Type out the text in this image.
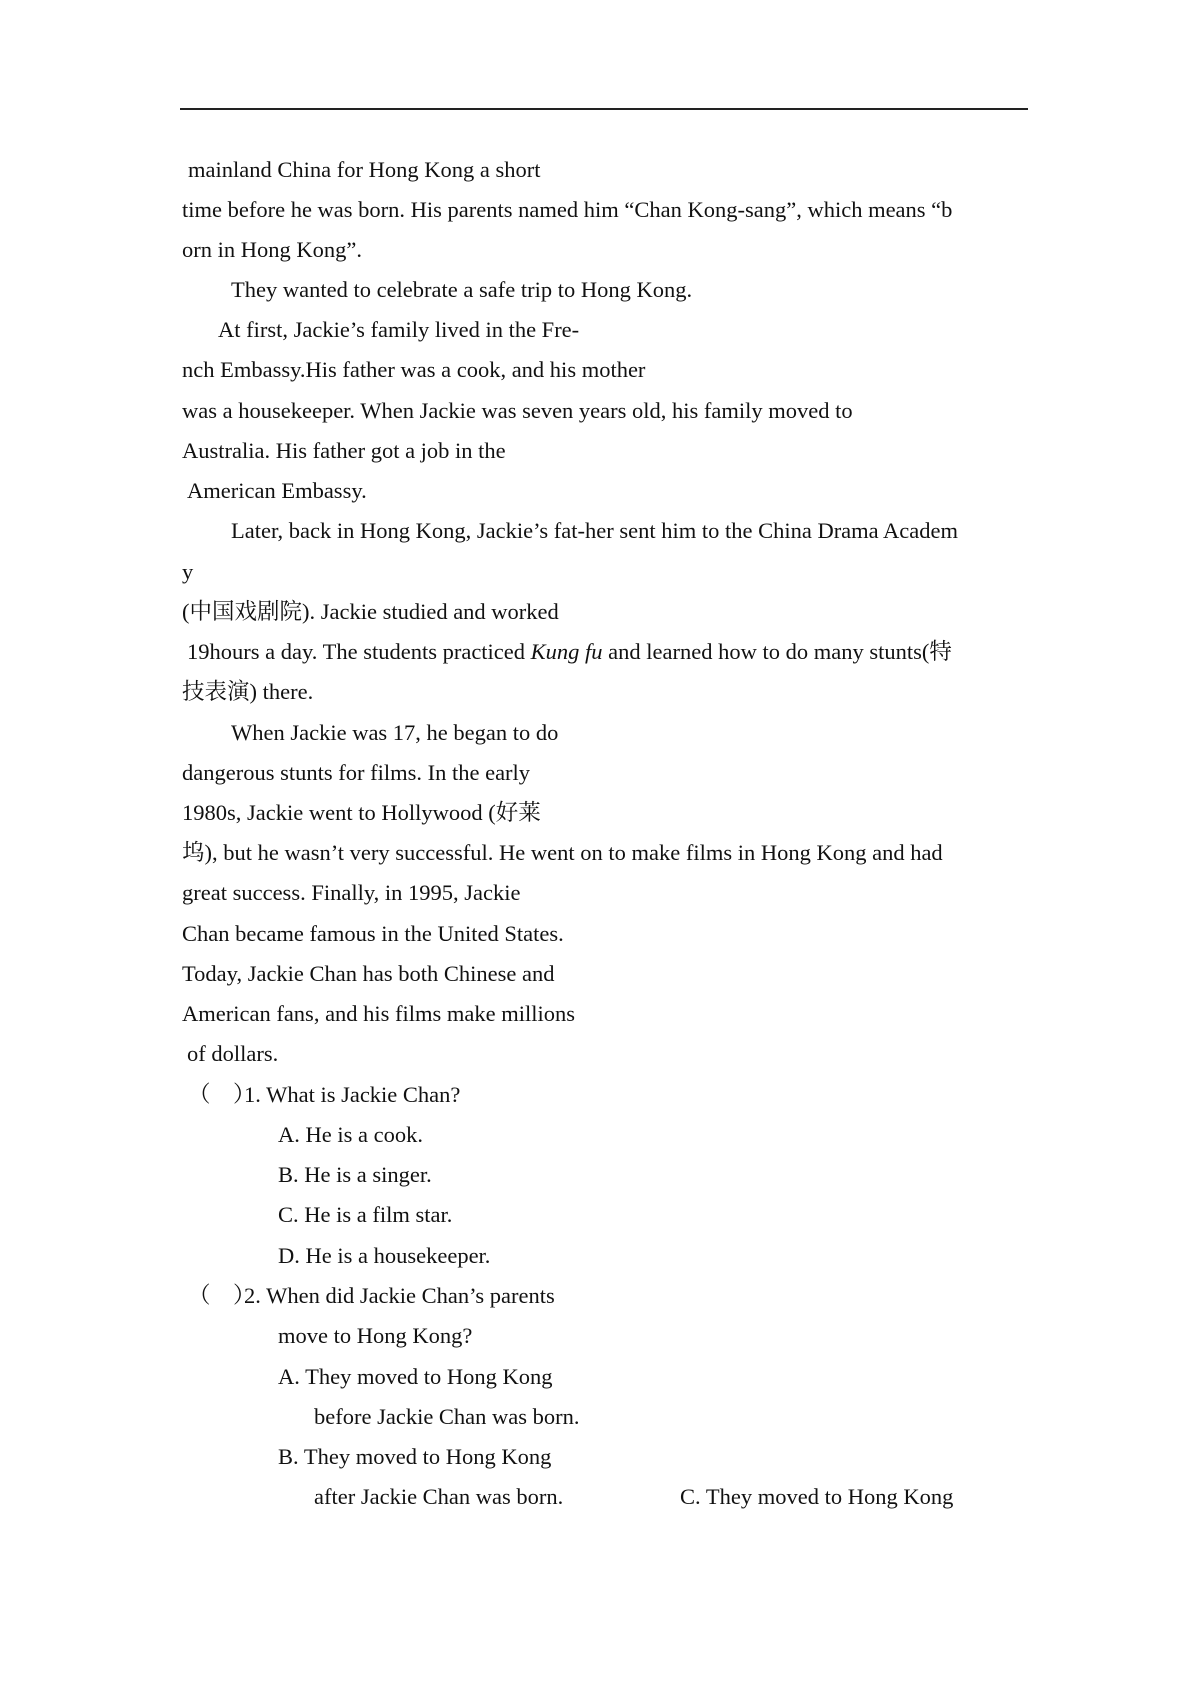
mainland China for Hong Kong a short
time before he was born. His parents named him “Chan Kong-sang”, which means “b
orn in Hong Kong”.
They wanted to celebrate a safe trip to Hong Kong.
At first, Jackie’s family lived in the Fre-
nch Embassy.His father was a cook, and his mother
was a housekeeper. When Jackie was seven years old, his family moved to
Australia. His father got a job in the
American Embassy.
Later, back in Hong Kong, Jackie’s fat-her sent him to the China Drama Academ
y
(中国戏剧院). Jackie studied and worked
19hours a day. The students practiced Kung fu and learned how to do many stunts(特
技表演) there.
When Jackie was 17, he began to do
dangerous stunts for films. In the early
1980s, Jackie went to Hollywood (好莱
坞), but he wasn’t very successful. He went on to make films in Hong Kong and had
great success. Finally, in 1995, Jackie
Chan became famous in the United States.
Today, Jackie Chan has both Chinese and
American fans, and his films make millions
of dollars.
（　）1. What is Jackie Chan?
A. He is a cook.
B. He is a singer.
C. He is a film star.
D. He is a housekeeper.
（　）2. When did Jackie Chan’s parents
move to Hong Kong?
A. They moved to Hong Kong
before Jackie Chan was born.
B. They moved to Hong Kong
after Jackie Chan was born.	C. They moved to Hong Kong
